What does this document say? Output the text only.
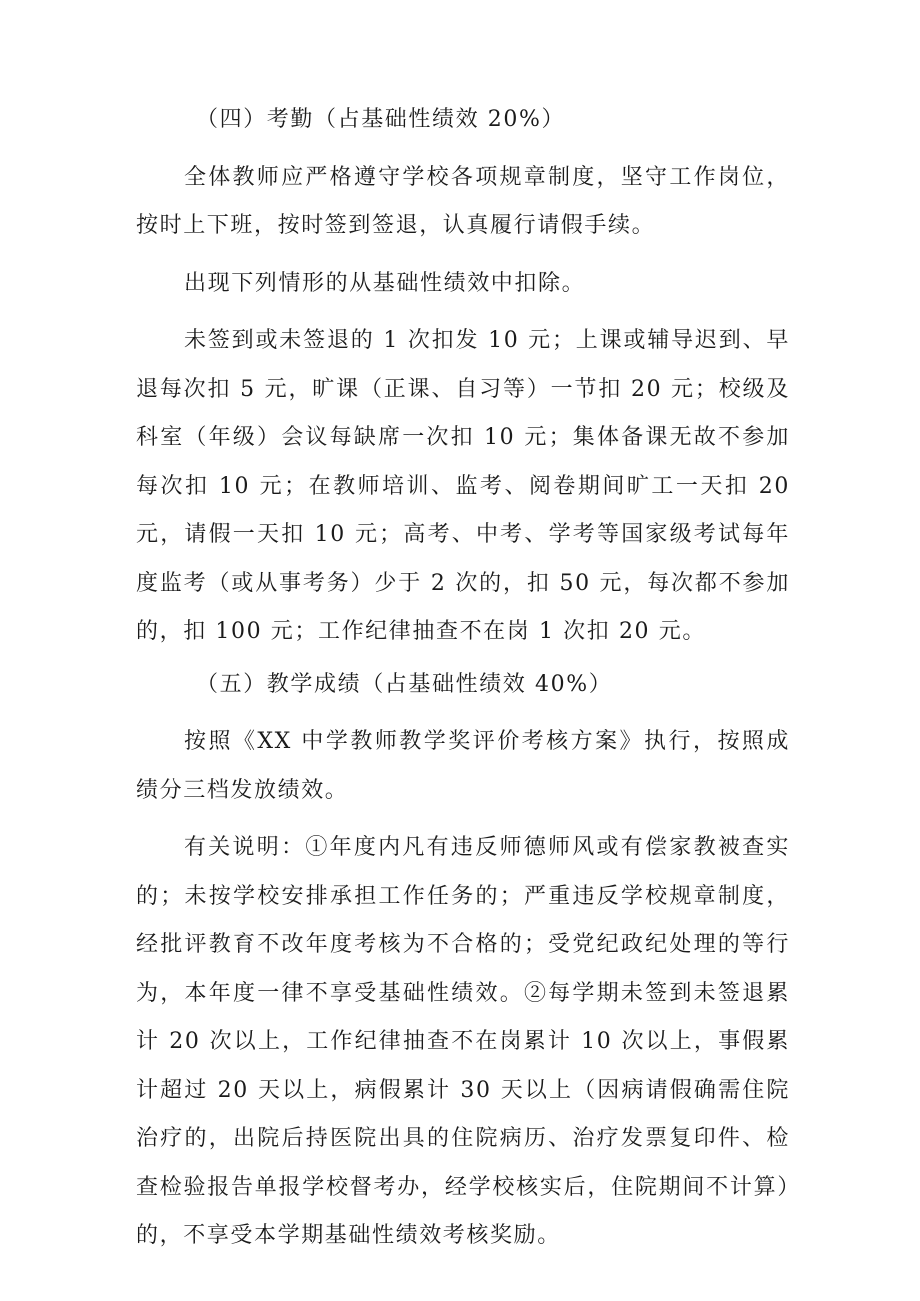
（四）考勤（占基础性绩效 20%）

全体教师应严格遵守学校各项规章制度，坚守工作岗位，按时上下班，按时签到签退，认真履行请假手续。

出现下列情形的从基础性绩效中扣除。

未签到或未签退的 1 次扣发 10 元；上课或辅导迟到、早退每次扣 5 元，旷课（正课、自习等）一节扣 20 元；校级及科室（年级）会议每缺席一次扣 10 元；集体备课无故不参加每次扣 10 元；在教师培训、监考、阅卷期间旷工一天扣 20 元，请假一天扣 10 元；高考、中考、学考等国家级考试每年度监考（或从事考务）少于 2 次的，扣 50 元，每次都不参加的，扣 100 元；工作纪律抽查不在岗 1 次扣 20 元。

（五）教学成绩（占基础性绩效 40%）

按照《XX 中学教师教学奖评价考核方案》执行，按照成绩分三档发放绩效。

有关说明：①年度内凡有违反师德师风或有偿家教被查实的；未按学校安排承担工作任务的；严重违反学校规章制度，经批评教育不改年度考核为不合格的；受党纪政纪处理的等行为，本年度一律不享受基础性绩效。②每学期未签到未签退累计 20 次以上，工作纪律抽查不在岗累计 10 次以上，事假累计超过 20 天以上，病假累计 30 天以上（因病请假确需住院治疗的，出院后持医院出具的住院病历、治疗发票复印件、检查检验报告单报学校督考办，经学校核实后，住院期间不计算）的，不享受本学期基础性绩效考核奖励。
